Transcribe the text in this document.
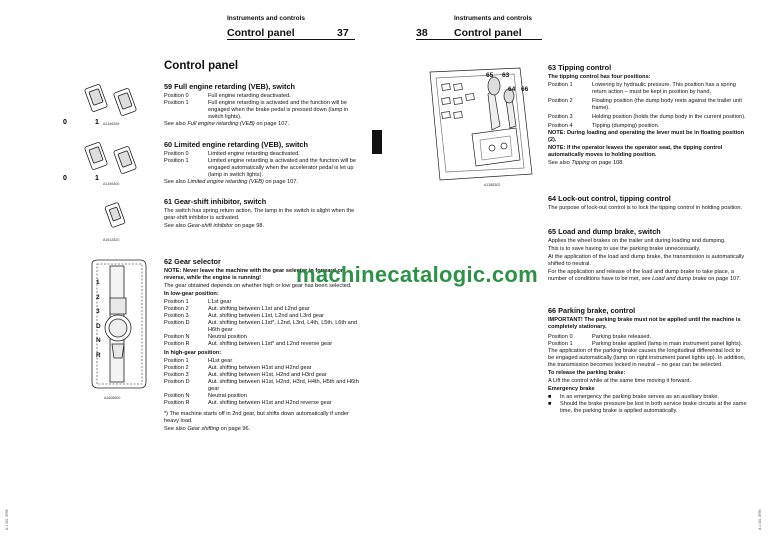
Instruments and controls
Control panel	37
0	1 A1346399
0	1
A1346400
A1612820
1
2
3
D
N
R
A1606600
Control panel
59 Full engine retarding (VEB), switch
Position 0	Full engine retarding deactivated.
Position 1	Full engine retarding is activated and the function will be engaged when the brake pedal is pressed down (lamp in switch lights).

See also Full engine retarding (VEB) on page 107.

60 Limited engine retarding (VEB), switch
Position 0	Limited engine retarding deactivated.
Position 1	Limited engine retarding is activated and the function will be engaged automatically when the accelerator pedal is let up (lamp in switch lights).

See also Limited engine retarding (VEB) on page 107.

61 Gear-shift inhibitor, switch

The switch has spring return action. The lamp in the switch is alight when the gear-shift inhibitor is activated.

See also Gear-shift inhibitor on page 98.

62 Gear selector

NOTE: Never leave the machine with the gear selector in forward or reverse, while the engine is running!

The gear obtained depends on whether high or low gear has been selected.

In low-gear position:

Position 1	L1st gear
Position 2	Aut. shifting between L1st and L2nd gear
Position 3	Aut. shifting between L1st, L2nd and L3rd gear
Position D	Aut. shifting between L1st*, L2nd, L3rd, L4th, L5th, L6th and H6th gear
Position N	Neutral position
Position R	Aut. shifting between L1st* and L2nd reverse gear

In high-gear position:

Position 1	H1st gear
Position 2	Aut. shifting between H1st and H2nd gear
Position 3	Aut. shifting between H1st, H2nd and H3rd gear
Position D	Aut. shifting between H1st, H2nd, H3rd, H4th, H5th and H6th gear
Position N	Neutral position
Position R	Aut. shifting between H1st and H2nd reverse gear

*) The machine starts off in 2nd gear, but shifts down automatically if under heavy load.

See also Gear shifting on page 96.

A 1 401 3996
Instruments and controls
38	Control panel
65 63
64 66
A1385302
63 Tipping control

The tipping control has four positions:

Position 1	Lowering by hydraulic pressure. This position has a spring return action – must be kept in position by hand.
Position 2	Floating position (the dump body rests against the trailer unit frame).
Position 3	Holding position (holds the dump body in the current position).
Position 4	Tipping (dumping) position.

NOTE: During loading and operating the lever must be in floating position (2).

NOTE: If the operator leaves the operator seat, the tipping control automatically moves to holding position.

See also Tipping on page 108.

64 Lock-out control, tipping control

The purpose of lock-out control is to lock the tipping control in holding position.

65 Load and dump brake, switch

Applies the wheel brakes on the trailer unit during loading and dumping.

This is to save having to use the parking brake unnecessarily.

At the application of the load and dump brake, the transmission is automatically shifted to neutral.

For the application and release of the load and dump brake to take place, a number of conditions have to be met, see Load and dump brake on page 107.

66 Parking brake, control

IMPORTANT! The parking brake must not be applied until the machine is completely stationary.

Position 0	Parking brake released.
Position 1	Parking brake applied (lamp in main instrument panel lights).

The application of the parking brake causes the longitudinal differential lock to be engaged automatically (lamp on right instrument panel lights up). In addition, the transmission becomes locked in neutral – no gear can be selected.

To release the parking brake:

A Lift the control while at the same time moving it forward.

Emergency brake

■	In an emergency the parking brake serves as an auxiliary brake.
■	Should the brake pressure be lost in both service brake circuits at the same time, the parking brake is applied automatically.
A 1 401 3996
machinecatalogic.com
